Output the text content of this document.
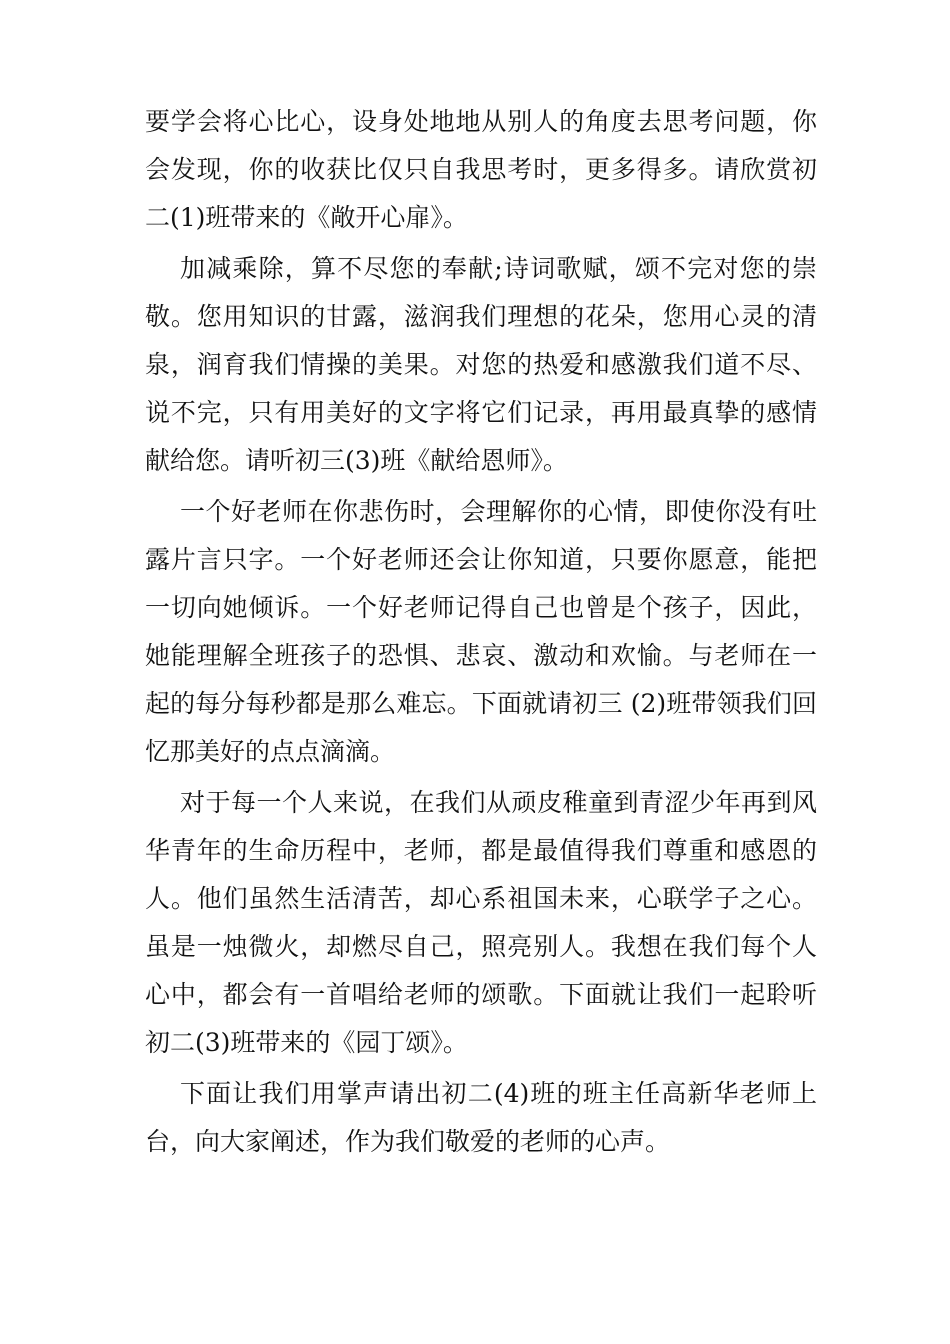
要学会将心比心，设身处地地从别人的角度去思考问题，你会发现，你的收获比仅只自我思考时，更多得多。请欣赏初二(1)班带来的《敞开心扉》。

加减乘除，算不尽您的奉献;诗词歌赋，颂不完对您的崇敬。您用知识的甘露，滋润我们理想的花朵，您用心灵的清泉，润育我们情操的美果。对您的热爱和感激我们道不尽、说不完，只有用美好的文字将它们记录，再用最真挚的感情献给您。请听初三(3)班《献给恩师》。

一个好老师在你悲伤时，会理解你的心情，即使你没有吐露片言只字。一个好老师还会让你知道，只要你愿意，能把一切向她倾诉。一个好老师记得自己也曾是个孩子，因此，她能理解全班孩子的恐惧、悲哀、激动和欢愉。与老师在一起的每分每秒都是那么难忘。下面就请初三 (2)班带领我们回忆那美好的点点滴滴。

对于每一个人来说，在我们从顽皮稚童到青涩少年再到风华青年的生命历程中，老师，都是最值得我们尊重和感恩的人。他们虽然生活清苦，却心系祖国未来，心联学子之心。虽是一烛微火，却燃尽自己，照亮别人。我想在我们每个人心中，都会有一首唱给老师的颂歌。下面就让我们一起聆听初二(3)班带来的《园丁颂》。

下面让我们用掌声请出初二(4)班的班主任高新华老师上台，向大家阐述，作为我们敬爱的老师的心声。
